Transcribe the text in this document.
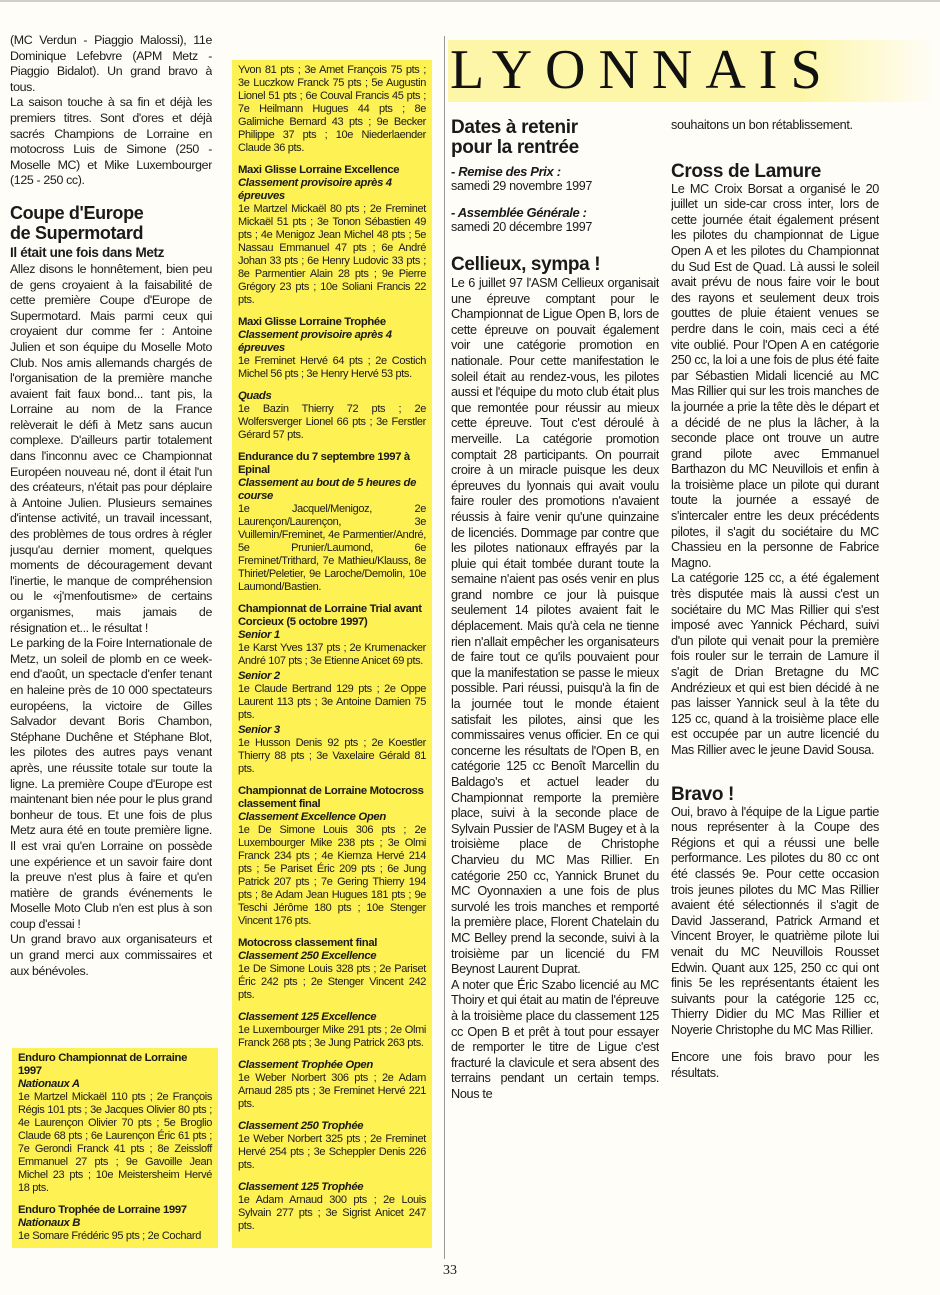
(MC Verdun - Piaggio Malossi), 11e Dominique Lefebvre (APM Metz - Piaggio Bidalot). Un grand bravo à tous.

La saison touche à sa fin et déjà les premiers titres. Sont d'ores et déjà sacrés Champions de Lorraine en motocross Luis de Simone (250 - Moselle MC) et Mike Luxembourger (125 - 250 cc).

Coupe d'Europe
de Supermotard
Il était une fois dans Metz

Allez disons le honnêtement, bien peu de gens croyaient à la faisabilité de cette première Coupe d'Europe de Supermotard. Mais parmi ceux qui croyaient dur comme fer : Antoine Julien et son équipe du Moselle Moto Club. Nos amis allemands chargés de l'organisation de la première manche avaient fait faux bond... tant pis, la Lorraine au nom de la France relèverait le défi à Metz sans aucun complexe. D'ailleurs partir totalement dans l'inconnu avec ce Championnat Européen nouveau né, dont il était l'un des créateurs, n'était pas pour déplaire à Antoine Julien. Plusieurs semaines d'intense activité, un travail incessant, des problèmes de tous ordres à régler jusqu'au dernier moment, quelques moments de découragement devant l'inertie, le manque de compréhension ou le «j'menfoutisme» de certains organismes, mais jamais de résignation et... le résultat !

Le parking de la Foire Internationale de Metz, un soleil de plomb en ce week-end d'août, un spectacle d'enfer tenant en haleine près de 10 000 spectateurs européens, la victoire de Gilles Salvador devant Boris Chambon, Stéphane Duchêne et Stéphane Blot, les pilotes des autres pays venant après, une réussite totale sur toute la ligne. La première Coupe d'Europe est maintenant bien née pour le plus grand bonheur de tous. Et une fois de plus Metz aura été en toute première ligne. Il est vrai qu'en Lorraine on possède une expérience et un savoir faire dont la preuve n'est plus à faire et qu'en matière de grands événements le Moselle Moto Club n'en est plus à son coup d'essai !

Un grand bravo aux organisateurs et un grand merci aux commissaires et aux bénévoles.

Enduro Championnat de Lorraine 1997
Nationaux A
1e Martzel Mickaël 110 pts ; 2e François Régis 101 pts ; 3e Jacques Olivier 80 pts ; 4e Laurençon Olivier 70 pts ; 5e Broglio Claude 68 pts ; 6e Laurençon Éric 61 pts ; 7e Gerondi Franck 41 pts ; 8e Zeissloff Emmanuel 27 pts ; 9e Gavoille Jean Michel 23 pts ; 10e Meistersheim Hervé 18 pts.
Enduro Trophée de Lorraine 1997
Nationaux B
1e Somare Frédéric 95 pts ; 2e Cochard
Yvon 81 pts ; 3e Amet François 75 pts ; 3e Luczkow Franck 75 pts ; 5e Augustin Lionel 51 pts ; 6e Couval Francis 45 pts ; 7e Heilmann Hugues 44 pts ; 8e Galimiche Bernard 43 pts ; 9e Becker Philippe 37 pts ; 10e Niederlaender Claude 36 pts.
Maxi Glisse Lorraine Excellence
Classement provisoire après 4 épreuves
1e Martzel Mickaël 80 pts ; 2e Freminet Mickaël 51 pts ; 3e Tonon Sébastien 49 pts ; 4e Menigoz Jean Michel 48 pts ; 5e Nassau Emmanuel 47 pts ; 6e André Johan 33 pts ; 6e Henry Ludovic 33 pts ; 8e Parmentier Alain 28 pts ; 9e Pierre Grégory 23 pts ; 10e Soliani Francis 22 pts.
Maxi Glisse Lorraine Trophée
Classement provisoire après 4 épreuves
1e Freminet Hervé 64 pts ; 2e Costich Michel 56 pts ; 3e Henry Hervé 53 pts.
Quads
1e Bazin Thierry 72 pts ; 2e Wolfersverger Lionel 66 pts ; 3e Ferstler Gérard 57 pts.
Endurance du 7 septembre 1997 à Epinal
Classement au bout de 5 heures de course
1e Jacquel/Menigoz, 2e Laurençon/Laurençon, 3e Vuillemin/Freminet, 4e Parmentier/André, 5e Prunier/Laumond, 6e Freminet/Trithard, 7e Mathieu/Klauss, 8e Thiriet/Peletier, 9e Laroche/Demolin, 10e Laumond/Bastien.
Championnat de Lorraine Trial avant Corcieux (5 octobre 1997)
Senior 1
1e Karst Yves 137 pts ; 2e Krumenacker André 107 pts ; 3e Etienne Anicet 69 pts.
Senior 2
1e Claude Bertrand 129 pts ; 2e Oppe Laurent 113 pts ; 3e Antoine Damien 75 pts.
Senior 3
1e Husson Denis 92 pts ; 2e Koestler Thierry 88 pts ; 3e Vaxelaire Gérald 81 pts.
Championnat de Lorraine Motocross classement final
Classement Excellence Open
1e De Simone Louis 306 pts ; 2e Luxembourger Mike 238 pts ; 3e Olmi Franck 234 pts ; 4e Kiemza Hervé 214 pts ; 5e Pariset Éric 209 pts ; 6e Jung Patrick 207 pts ; 7e Gering Thierry 194 pts ; 8e Adam Jean Hugues 181 pts ; 9e Teschi Jérôme 180 pts ; 10e Stenger Vincent 176 pts.
Motocross classement final
Classement 250 Excellence
1e De Simone Louis 328 pts ; 2e Pariset Éric 242 pts ; 2e Stenger Vincent 242 pts.
Classement 125 Excellence
1e Luxembourger Mike 291 pts ; 2e Olmi Franck 268 pts ; 3e Jung Patrick 263 pts.
Classement Trophée Open
1e Weber Norbert 306 pts ; 2e Adam Arnaud 285 pts ; 3e Freminet Hervé 221 pts.
Classement 250 Trophée
1e Weber Norbert 325 pts ; 2e Freminet Hervé 254 pts ; 3e Scheppler Denis 226 pts.
Classement 125 Trophée
1e Adam Arnaud 300 pts ; 2e Louis Sylvain 277 pts ; 3e Sigrist Anicet 247 pts.
LYONNAIS
Dates à retenir
pour la rentrée

- Remise des Prix :

samedi 29 novembre 1997

- Assemblée Générale :

samedi 20 décembre 1997

Cellieux, sympa !

Le 6 juillet 97 l'ASM Cellieux organisait une épreuve comptant pour le Championnat de Ligue Open B, lors de cette épreuve on pouvait également voir une catégorie promotion en nationale. Pour cette manifestation le soleil était au rendez-vous, les pilotes aussi et l'équipe du moto club était plus que remontée pour réussir au mieux cette épreuve. Tout c'est déroulé à merveille. La catégorie promotion comptait 28 participants. On pourrait croire à un miracle puisque les deux épreuves du lyonnais qui avait voulu faire rouler des promotions n'avaient réussis à faire venir qu'une quinzaine de licenciés. Dommage par contre que les pilotes nationaux effrayés par la pluie qui était tombée durant toute la semaine n'aient pas osés venir en plus grand nombre ce jour là puisque seulement 14 pilotes avaient fait le déplacement. Mais qu'à cela ne tienne rien n'allait empêcher les organisateurs de faire tout ce qu'ils pouvaient pour que la manifestation se passe le mieux possible. Pari réussi, puisqu'à la fin de la journée tout le monde étaient satisfait les pilotes, ainsi que les commissaires venus officier. En ce qui concerne les résultats de l'Open B, en catégorie 125 cc Benoît Marcellin du Baldago's et actuel leader du Championnat remporte la première place, suivi à la seconde place de Sylvain Pussier de l'ASM Bugey et à la troisième place de Christophe Charvieu du MC Mas Rillier. En catégorie 250 cc, Yannick Brunet du MC Oyonnaxien a une fois de plus survolé les trois manches et remporté la première place, Florent Chatelain du MC Belley prend la seconde, suivi à la troisième par un licencié du FM Beynost Laurent Duprat.

A noter que Éric Szabo licencié au MC Thoiry et qui était au matin de l'épreuve à la troisième place du classement 125 cc Open B et prêt à tout pour essayer de remporter le titre de Ligue c'est fracturé la clavicule et sera absent des terrains pendant un certain temps. Nous te

souhaitons un bon rétablissement.

Cross de Lamure

Le MC Croix Borsat a organisé le 20 juillet un side-car cross inter, lors de cette journée était également présent les pilotes du championnat de Ligue Open A et les pilotes du Championnat du Sud Est de Quad. Là aussi le soleil avait prévu de nous faire voir le bout des rayons et seulement deux trois gouttes de pluie étaient venues se perdre dans le coin, mais ceci a été vite oublié. Pour l'Open A en catégorie 250 cc, la loi a une fois de plus été faite par Sébastien Midali licencié au MC Mas Rillier qui sur les trois manches de la journée a prie la tête dès le départ et a décidé de ne plus la lâcher, à la seconde place ont trouve un autre grand pilote avec Emmanuel Barthazon du MC Neuvillois et enfin à la troisième place un pilote qui durant toute la journée a essayé de s'intercaler entre les deux précédents pilotes, il s'agit du sociétaire du MC Chassieu en la personne de Fabrice Magno.

La catégorie 125 cc, a été également très disputée mais là aussi c'est un sociétaire du MC Mas Rillier qui s'est imposé avec Yannick Péchard, suivi d'un pilote qui venait pour la première fois rouler sur le terrain de Lamure il s'agit de Drian Bretagne du MC Andrézieux et qui est bien décidé à ne pas laisser Yannick seul à la tête du 125 cc, quand à la troisième place elle est occupée par un autre licencié du Mas Rillier avec le jeune David Sousa.

Bravo !

Oui, bravo à l'équipe de la Ligue partie nous représenter à la Coupe des Régions et qui a réussi une belle performance. Les pilotes du 80 cc ont été classés 9e. Pour cette occasion trois jeunes pilotes du MC Mas Rillier avaient été sélectionnés il s'agit de David Jasserand, Patrick Armand et Vincent Broyer, le quatrième pilote lui venait du MC Neuvillois Rousset Edwin. Quant aux 125, 250 cc qui ont finis 5e les représentants étaient les suivants pour la catégorie 125 cc, Thierry Didier du MC Mas Rillier et Noyerie Christophe du MC Mas Rillier.

Encore une fois bravo pour les résultats.

33
